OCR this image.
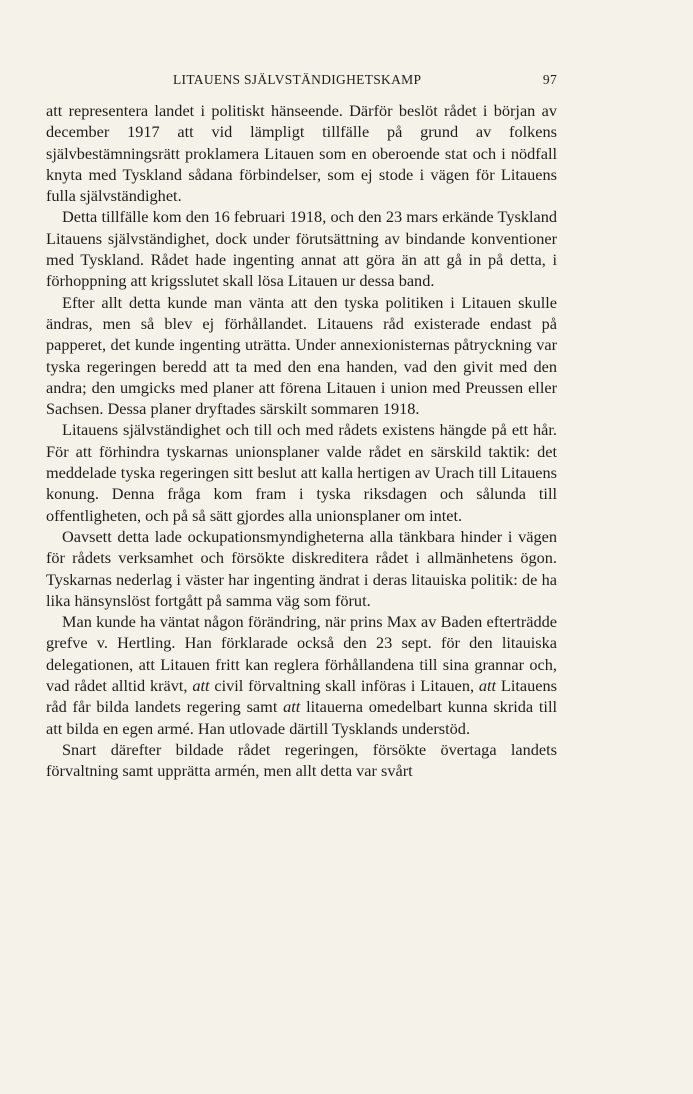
LITAUENS SJÄLVSTÄNDIGHETSKAMP	97

att representera landet i politiskt hänseende. Därför beslöt rådet i början av december 1917 att vid lämpligt tillfälle på grund av folkens självbestämningsrätt proklamera Litauen som en oberoende stat och i nödfall knyta med Tyskland sådana förbindelser, som ej stode i vägen för Litauens fulla självständighet.

Detta tillfälle kom den 16 februari 1918, och den 23 mars erkände Tyskland Litauens självständighet, dock under förutsättning av bindande konventioner med Tyskland. Rådet hade ingenting annat att göra än att gå in på detta, i förhoppning att krigsslutet skall lösa Litauen ur dessa band.

Efter allt detta kunde man vänta att den tyska politiken i Litauen skulle ändras, men så blev ej förhållandet. Litauens råd existerade endast på papperet, det kunde ingenting uträtta. Under annexionisternas påtryckning var tyska regeringen beredd att ta med den ena handen, vad den givit med den andra; den umgicks med planer att förena Litauen i union med Preussen eller Sachsen. Dessa planer dryftades särskilt sommaren 1918.

Litauens självständighet och till och med rådets existens hängde på ett hår. För att förhindra tyskarnas unionsplaner valde rådet en särskild taktik: det meddelade tyska regeringen sitt beslut att kalla hertigen av Urach till Litauens konung. Denna fråga kom fram i tyska riksdagen och sålunda till offentligheten, och på så sätt gjordes alla unionsplaner om intet.

Oavsett detta lade ockupationsmyndigheterna alla tänkbara hinder i vägen för rådets verksamhet och försökte diskreditera rådet i allmänhetens ögon. Tyskarnas nederlag i väster har ingenting ändrat i deras litauiska politik: de ha lika hänsynslöst fortgått på samma väg som förut.

Man kunde ha väntat någon förändring, när prins Max av Baden efterträdde grefve v. Hertling. Han förklarade också den 23 sept. för den litauiska delegationen, att Litauen fritt kan reglera förhållandena till sina grannar och, vad rådet alltid krävt, att civil förvaltning skall införas i Litauen, att Litauens råd får bilda landets regering samt att litauerna omedelbart kunna skrida till att bilda en egen armé. Han utlovade därtill Tysklands understöd.

Snart därefter bildade rådet regeringen, försökte övertaga landets förvaltning samt upprätta armén, men allt detta var svårt
